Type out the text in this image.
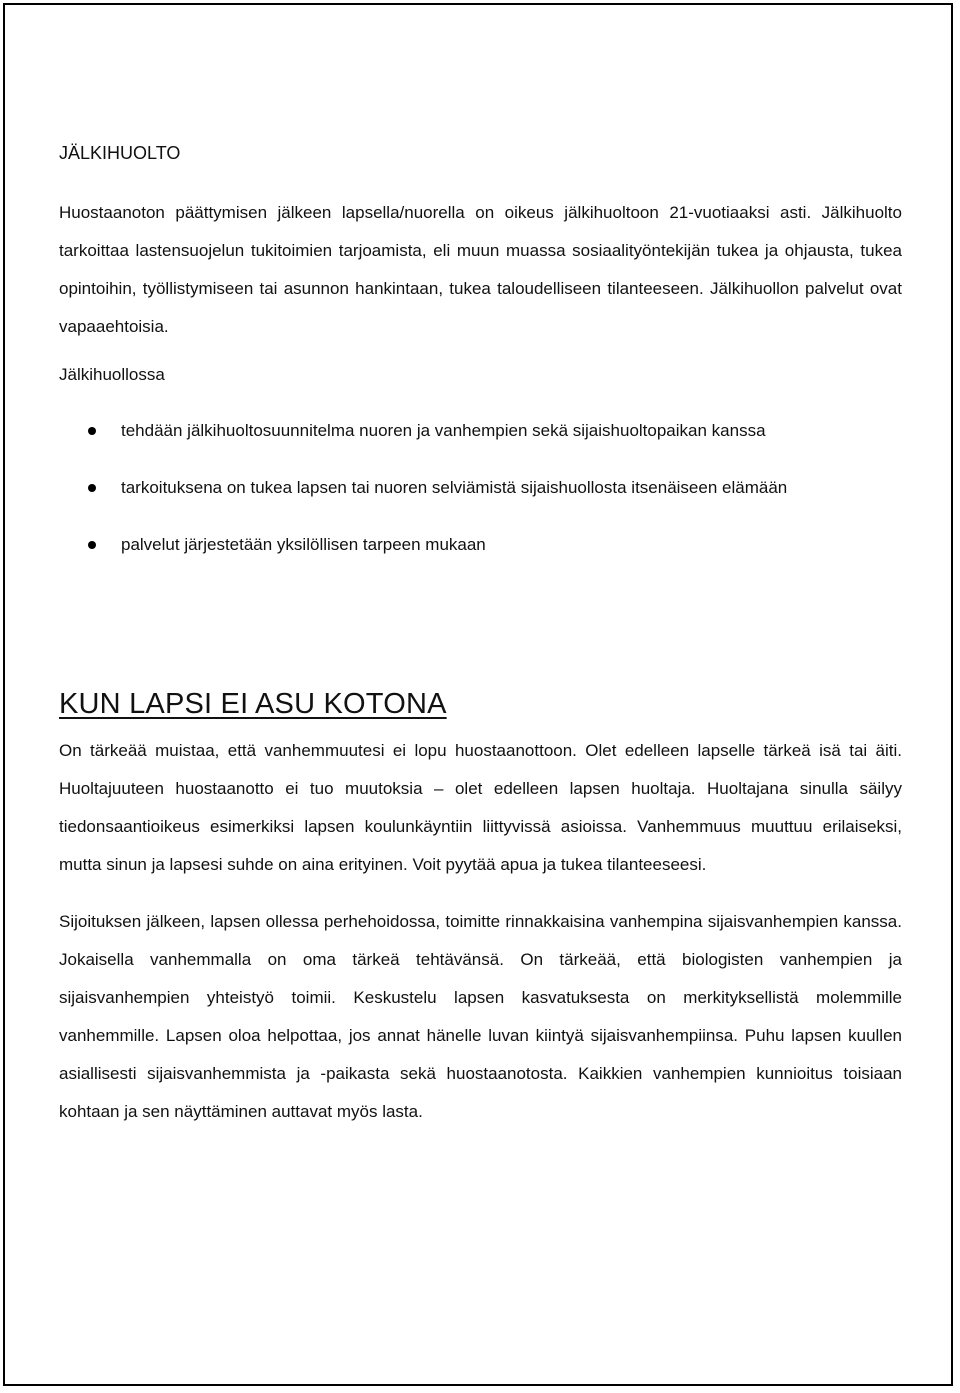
JÄLKIHUOLTO

Huostaanoton päättymisen jälkeen lapsella/nuorella on oikeus jälkihuoltoon 21-vuotiaaksi asti. Jälkihuolto tarkoittaa lastensuojelun tukitoimien tarjoamista, eli muun muassa sosiaalityöntekijän tukea ja ohjausta, tukea opintoihin, työllistymiseen tai asunnon hankintaan, tukea taloudelliseen tilanteeseen. Jälkihuollon palvelut ovat vapaaehtoisia.

Jälkihuollossa

tehdään jälkihuoltosuunnitelma nuoren ja vanhempien sekä sijaishuoltopaikan kanssa
tarkoituksena on tukea lapsen tai nuoren selviämistä sijaishuollosta itsenäiseen elämään
palvelut järjestetään yksilöllisen tarpeen mukaan
KUN LAPSI EI ASU KOTONA

On tärkeää muistaa, että vanhemmuutesi ei lopu huostaanottoon. Olet edelleen lapselle tärkeä isä tai äiti. Huoltajuuteen huostaanotto ei tuo muutoksia – olet edelleen lapsen huoltaja. Huoltajana sinulla säilyy tiedonsaantioikeus esimerkiksi lapsen koulunkäyntiin liittyvissä asioissa. Vanhemmuus muuttuu erilaiseksi, mutta sinun ja lapsesi suhde on aina erityinen. Voit pyytää apua ja tukea tilanteeseesi.

Sijoituksen jälkeen, lapsen ollessa perhehoidossa, toimitte rinnakkaisina vanhempina sijaisvanhempien kanssa. Jokaisella vanhemmalla on oma tärkeä tehtävänsä. On tärkeää, että biologisten vanhempien ja sijaisvanhempien yhteistyö toimii. Keskustelu lapsen kasvatuksesta on merkityksellistä molemmille vanhemmille. Lapsen oloa helpottaa, jos annat hänelle luvan kiintyä sijaisvanhempiinsa. Puhu lapsen kuullen asiallisesti sijaisvanhemmista ja -paikasta sekä huostaanotosta. Kaikkien vanhempien kunnioitus toisiaan kohtaan ja sen näyttäminen auttavat myös lasta.
